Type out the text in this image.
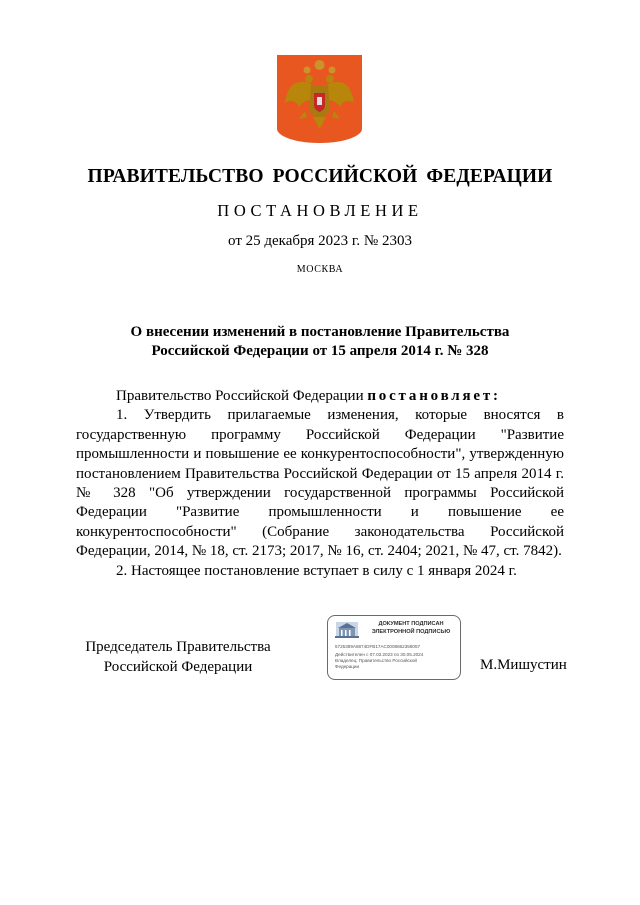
ПРАВИТЕЛЬСТВО РОССИЙСКОЙ ФЕДЕРАЦИИ
ПОСТАНОВЛЕНИЕ
от 25 декабря 2023 г. № 2303
МОСКВА
О внесении изменений в постановление Правительства
Российской Федерации от 15 апреля 2014 г. № 328

Правительство Российской Федерации постановляет:

1. Утвердить прилагаемые изменения, которые вносятся в государственную программу Российской Федерации "Развитие промышленности и повышение ее конкурентоспособности", утвержденную постановлением Правительства Российской Федерации от 15 апреля 2014 г. № 328 "Об утверждении государственной программы Российской Федерации "Развитие промышленности и повышение ее конкурентоспособности" (Собрание законодательства Российской Федерации, 2014, № 18, ст. 2173; 2017, № 16, ст. 2404; 2021, № 47, ст. 7842).

2. Настоящее постановление вступает в силу с 1 января 2024 г.

Председатель Правительства
Российской Федерации
ДОКУМЕНТ ПОДПИСАН
ЭЛЕКТРОННОЙ ПОДПИСЬЮ
5725389A8874DFB17AC0008862358057
Действителен с 07.03.2023 по 30.05.2024
Владелец: Правительство Российской
Федерации	М.Мишустин
